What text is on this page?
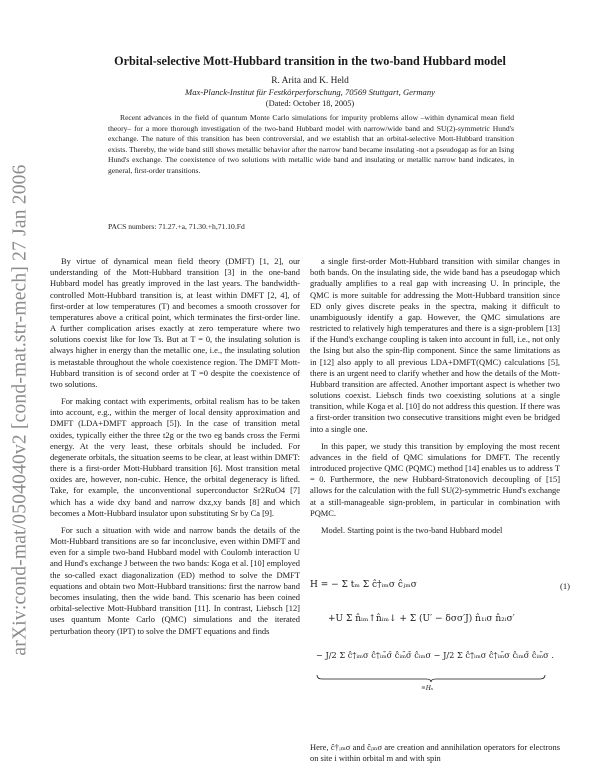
arXiv:cond-mat/0504040v2 [cond-mat.str-mech] 27 Jan 2006
Orbital-selective Mott-Hubbard transition in the two-band Hubbard model
R. Arita and K. Held
Max-Planck-Institut für Festkörperforschung, 70569 Stuttgart, Germany
(Dated: October 18, 2005)

Recent advances in the field of quantum Monte Carlo simulations for impurity problems allow –within dynamical mean field theory– for a more thorough investigation of the two-band Hubbard model with narrow/wide band and SU(2)-symmetric Hund's exchange. The nature of this transition has been controversial, and we establish that an orbital-selective Mott-Hubbard transition exists. Thereby, the wide band still shows metallic behavior after the narrow band became insulating -not a pseudogap as for an Ising Hund's exchange. The coexistence of two solutions with metallic wide band and insulating or metallic narrow band indicates, in general, first-order transitions.

PACS numbers: 71.27.+a, 71.30.+h,71.10.Fd

By virtue of dynamical mean field theory (DMFT) [1, 2], our understanding of the Mott-Hubbard transition [3] in the one-band Hubbard model has greatly improved in the last years. The bandwidth-controlled Mott-Hubbard transition is, at least within DMFT [2, 4], of first-order at low temperatures (T) and becomes a smooth crossover for temperatures above a critical point, which terminates the first-order line. A further complication arises exactly at zero temperature where two solutions coexist like for low Ts. But at T = 0, the insulating solution is always higher in energy than the metallic one, i.e., the insulating solution is metastable throughout the whole coexistence region. The DMFT Mott-Hubbard transition is of second order at T =0 despite the coexistence of two solutions.

For making contact with experiments, orbital realism has to be taken into account, e.g., within the merger of local density approximation and DMFT (LDA+DMFT approach [5]). In the case of transition metal oxides, typically either the three t2g or the two eg bands cross the Fermi energy. At the very least, these orbitals should be included. For degenerate orbitals, the situation seems to be clear, at least within DMFT: there is a first-order Mott-Hubbard transition [6]. Most transition metal oxides are, however, non-cubic. Hence, the orbital degeneracy is lifted. Take, for example, the unconventional superconductor Sr2RuO4 [7] which has a wide dxy band and narrow dxz,xy bands [8] and which becomes a Mott-Hubbard insulator upon substituting Sr by Ca [9].

For such a situation with wide and narrow bands the details of the Mott-Hubbard transitions are so far inconclusive, even within DMFT and even for a simple two-band Hubbard model with Coulomb interaction U and Hund's exchange J between the two bands: Koga et al. [10] employed the so-called exact diagonalization (ED) method to solve the DMFT equations and obtain two Mott-Hubbard transitions: first the narrow band becomes insulating, then the wide band. This scenario has been coined orbital-selective Mott-Hubbard transition [11]. In contrast, Liebsch [12] uses quantum Monte Carlo (QMC) simulations and the iterated perturbation theory (IPT) to solve the DMFT equations and finds

a single first-order Mott-Hubbard transition with similar changes in both bands. On the insulating side, the wide band has a pseudogap which gradually amplifies to a real gap with increasing U. In principle, the QMC is more suitable for addressing the Mott-Hubbard transition since ED only gives discrete peaks in the spectra, making it difficult to unambiguously identify a gap. However, the QMC simulations are restricted to relatively high temperatures and there is a sign-problem [13] if the Hund's exchange coupling is taken into account in full, i.e., not only the Ising but also the spin-flip component. Since the same limitations as in [12] also apply to all previous LDA+DMFT(QMC) calculations [5], there is an urgent need to clarify whether and how the details of the Mott-Hubbard transition are affected. Another important aspect is whether two solutions coexist. Liebsch finds two coexisting solutions at a single transition, while Koga et al. [10] do not address this question. If there was a first-order transition two consecutive transitions might even be bridged into a single one.

In this paper, we study this transition by employing the most recent advances in the field of QMC simulations for DMFT. The recently introduced projective QMC (PQMC) method [14] enables us to address T = 0. Furthermore, the new Hubbard-Stratonovich decoupling of [15] allows for the calculation with the full SU(2)-symmetric Hund's exchange at a still-manageable sign-problem, in particular in combination with PQMC.

Model. Starting point is the two-band Hubbard model

H = − Σ tₘ Σ ĉ†ᵢₘσ ĉⱼₘσ	(1)
+U Σ n̂ᵢₘ↑n̂ᵢₘ↓ + Σ (U′ − δσσ′J) n̂₁ᵢσ n̂₂ᵢσ′
− J/2 Σ ĉ†ᵢₘσ ĉ†ᵢₘ̄σ̄ ĉᵢₘ̄σ̄ ĉᵢₘσ − J/2 Σ ĉ†ᵢₘσ ĉ†ᵢₘ̄σ ĉᵢₘσ̄ ĉᵢₘ̄σ .
≡Hₛ
Here, ĉ†ᵢₘσ and ĉᵢₘσ are creation and annihilation operators for electrons on site i within orbital m and with spin
